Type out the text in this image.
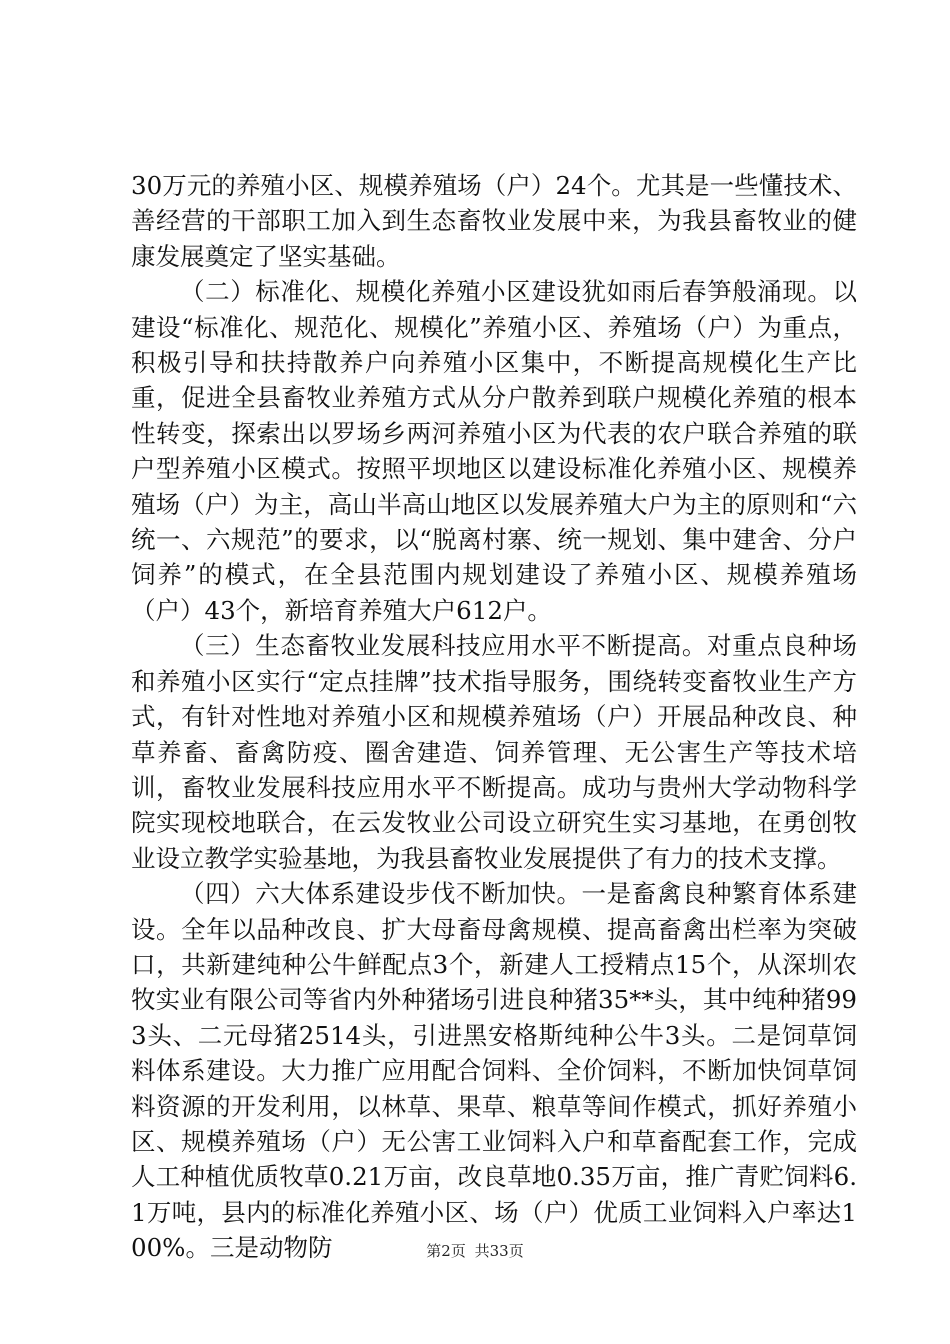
30万元的养殖小区、规模养殖场（户）24个。尤其是一些懂技术、善经营的干部职工加入到生态畜牧业发展中来，为我县畜牧业的健康发展奠定了坚实基础。

（二）标准化、规模化养殖小区建设犹如雨后春笋般涌现。以建设“标准化、规范化、规模化”养殖小区、养殖场（户）为重点，积极引导和扶持散养户向养殖小区集中，不断提高规模化生产比重，促进全县畜牧业养殖方式从分户散养到联户规模化养殖的根本性转变，探索出以罗场乡两河养殖小区为代表的农户联合养殖的联户型养殖小区模式。按照平坝地区以建设标准化养殖小区、规模养殖场（户）为主，高山半高山地区以发展养殖大户为主的原则和“六统一、六规范”的要求，以“脱离村寨、统一规划、集中建舍、分户饲养”的模式，在全县范围内规划建设了养殖小区、规模养殖场（户）43个，新培育养殖大户612户。

（三）生态畜牧业发展科技应用水平不断提高。对重点良种场和养殖小区实行“定点挂牌”技术指导服务，围绕转变畜牧业生产方式，有针对性地对养殖小区和规模养殖场（户）开展品种改良、种草养畜、畜禽防疫、圈舍建造、饲养管理、无公害生产等技术培训，畜牧业发展科技应用水平不断提高。成功与贵州大学动物科学院实现校地联合，在云发牧业公司设立研究生实习基地，在勇创牧业设立教学实验基地，为我县畜牧业发展提供了有力的技术支撑。

（四）六大体系建设步伐不断加快。一是畜禽良种繁育体系建设。全年以品种改良、扩大母畜母禽规模、提高畜禽出栏率为突破口，共新建纯种公牛鲜配点3个，新建人工授精点15个，从深圳农牧实业有限公司等省内外种猪场引进良种猪35**头，其中纯种猪993头、二元母猪2514头，引进黑安格斯纯种公牛3头。二是饲草饲料体系建设。大力推广应用配合饲料、全价饲料，不断加快饲草饲料资源的开发利用，以林草、果草、粮草等间作模式，抓好养殖小区、规模养殖场（户）无公害工业饲料入户和草畜配套工作，完成人工种植优质牧草0.21万亩，改良草地0.35万亩，推广青贮饲料6.1万吨，县内的标准化养殖小区、场（户）优质工业饲料入户率达100%。三是动物防	第2页 共33页
